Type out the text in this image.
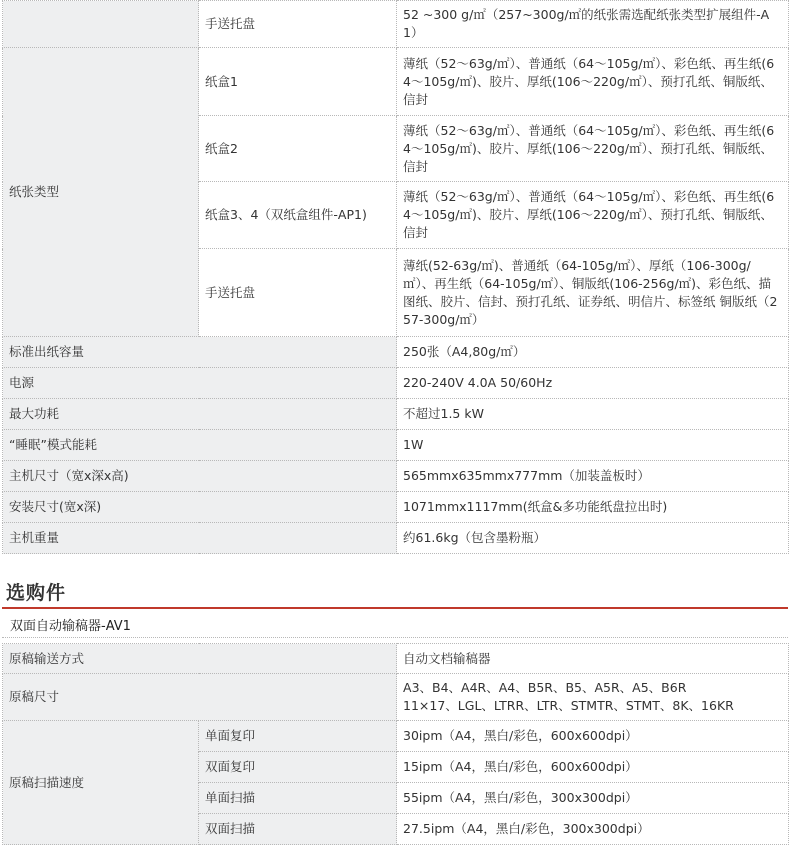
	手送托盘	52 ~300 g/㎡（257~300g/㎡的纸张需选配纸张类型扩展组件-A1）
纸张类型	纸盒1	薄纸（52～63g/㎡）、普通纸（64～105g/㎡）、彩色纸、再生纸(64～105g/㎡)、胶片、厚纸(106～220g/㎡）、预打孔纸、铜版纸、信封
	纸盒2	薄纸（52～63g/㎡）、普通纸（64～105g/㎡）、彩色纸、再生纸(64～105g/㎡)、胶片、厚纸(106～220g/㎡）、预打孔纸、铜版纸、信封
	纸盒3、4（双纸盒组件-AP1)	薄纸（52～63g/㎡）、普通纸（64～105g/㎡）、彩色纸、再生纸(64～105g/㎡)、胶片、厚纸(106～220g/㎡）、预打孔纸、铜版纸、信封
	手送托盘	薄纸(52-63g/㎡)、普通纸（64-105g/㎡）、厚纸（106-300g/㎡）、再生纸（64-105g/㎡）、铜版纸(106-256g/㎡)、彩色纸、描图纸、胶片、信封、预打孔纸、证券纸、明信片、标签纸 铜版纸（257-300g/㎡）
标准出纸容量		250张（A4,80g/㎡）
电源		220-240V 4.0A 50/60Hz
最大功耗		不超过1.5 kW
“睡眠”模式能耗		1W
主机尺寸（宽x深x高)		565mmx635mmx777mm（加装盖板时）
安装尺寸(宽x深)		1071mmx1117mm(纸盒&多功能纸盘拉出时)
主机重量		约61.6kg（包含墨粉瓶）
选购件
双面自动输稿器-AV1
原稿输送方式		自动文档输稿器
原稿尺寸		A3、B4、A4R、A4、B5R、B5、A5R、A5、B6R
11×17、LGL、LTRR、LTR、STMTR、STMT、8K、16KR

原稿扫描速度	单面复印	30ipm（A4，黑白/彩色，600x600dpi）
	双面复印	15ipm（A4，黑白/彩色，600x600dpi）
	单面扫描	55ipm（A4，黑白/彩色，300x300dpi）
	双面扫描	27.5ipm（A4，黑白/彩色，300x300dpi）
